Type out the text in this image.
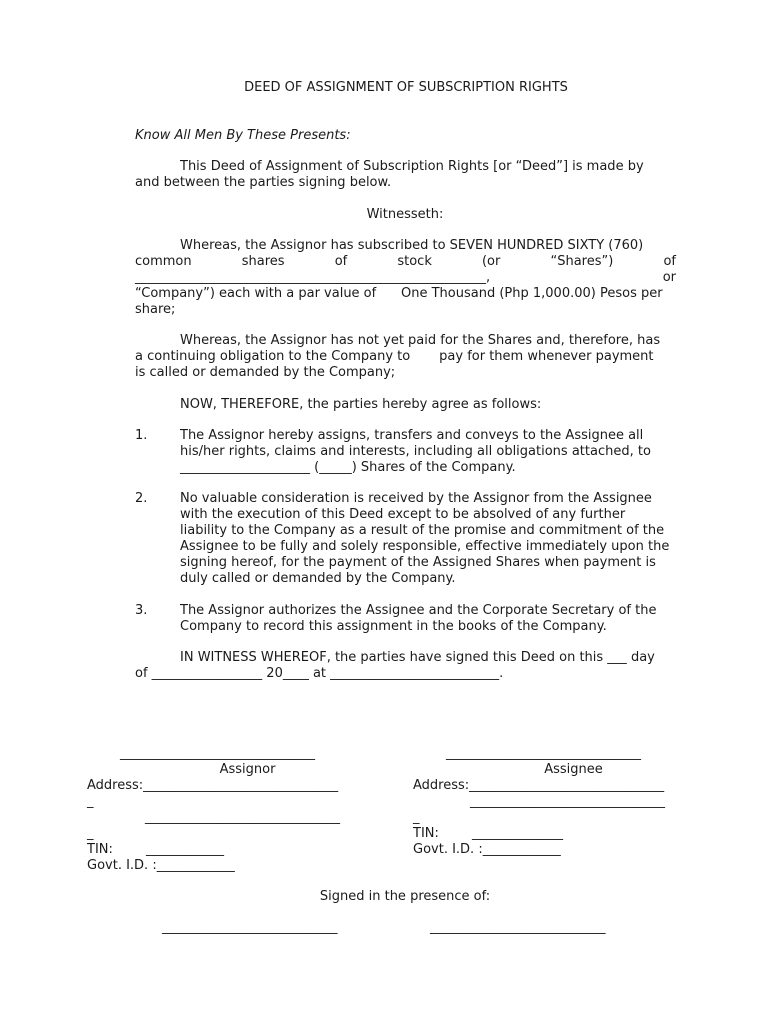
DEED OF ASSIGNMENT OF SUBSCRIPTION RIGHTS
Know All Men By These Presents:
This Deed of Assignment of Subscription Rights [or “Deed”] is made by
and between the parties signing below.
Witnesseth:
Whereas, the Assignor has subscribed to SEVEN HUNDRED SIXTY (760)
common	shares	of	stock	(or	“Shares”)	of
______________________________________________________,	or
“Company”) each with a par value of      One Thousand (Php 1,000.00) Pesos per
share;
Whereas, the Assignor has not yet paid for the Shares and, therefore, has
a continuing obligation to the Company to       pay for them whenever payment
is called or demanded by the Company;
NOW, THEREFORE, the parties hereby agree as follows:
1.	The Assignor hereby assigns, transfers and conveys to the Assignee all
his/her rights, claims and interests, including all obligations attached, to
____________________ (_____) Shares of the Company.
2.	No valuable consideration is received by the Assignor from the Assignee
with the execution of this Deed except to be absolved of any further
liability to the Company as a result of the promise and commitment of the
Assignee to be fully and solely responsible, effective immediately upon the
signing hereof, for the payment of the Assigned Shares when payment is
duly called or demanded by the Company.
3.	The Assignor authorizes the Assignee and the Corporate Secretary of the
Company to record this assignment in the books of the Company.
IN WITNESS WHEREOF, the parties have signed this Deed on this ___ day
of _________________ 20____ at __________________________.
______________________________
Assignor
Address:______________________________
_
______________________________
_
TIN:        ____________
Govt. I.D. :____________
______________________________
Assignee
Address:______________________________
______________________________
_
TIN:        ______________
Govt. I.D. :____________
Signed in the presence of:
___________________________	___________________________
